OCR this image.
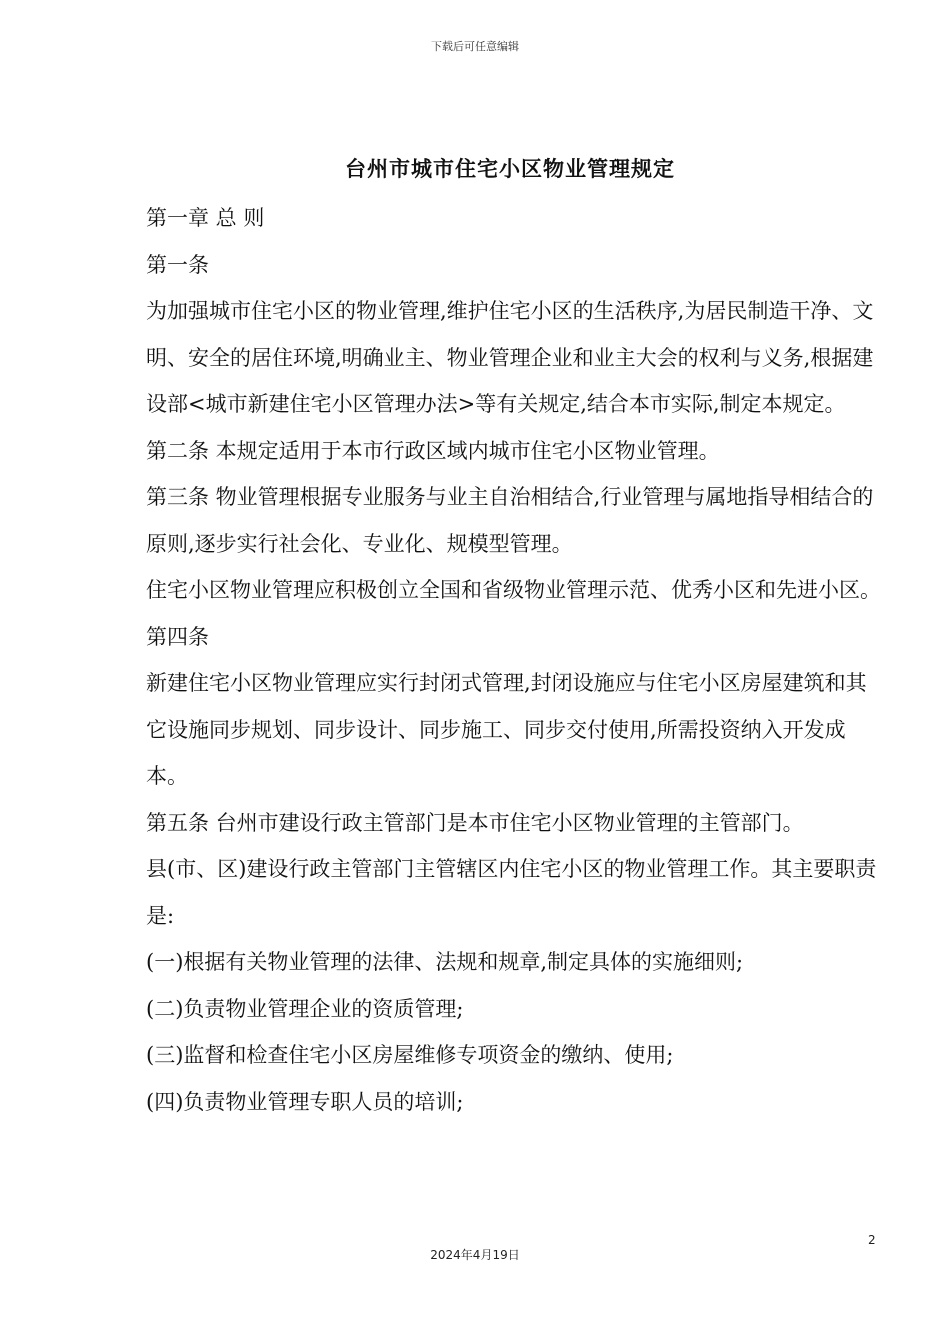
下载后可任意编辑
台州市城市住宅小区物业管理规定

第一章 总 则

第一条

为加强城市住宅小区的物业管理,维护住宅小区的生活秩序,为居民制造干净、文明、安全的居住环境,明确业主、物业管理企业和业主大会的权利与义务,根据建设部<城市新建住宅小区管理办法>等有关规定,结合本市实际,制定本规定。

第二条 本规定适用于本市行政区域内城市住宅小区物业管理。

第三条 物业管理根据专业服务与业主自治相结合,行业管理与属地指导相结合的原则,逐步实行社会化、专业化、规模型管理。

住宅小区物业管理应积极创立全国和省级物业管理示范、优秀小区和先进小区。

第四条

新建住宅小区物业管理应实行封闭式管理,封闭设施应与住宅小区房屋建筑和其它设施同步规划、同步设计、同步施工、同步交付使用,所需投资纳入开发成本。

第五条 台州市建设行政主管部门是本市住宅小区物业管理的主管部门。

县(市、区)建设行政主管部门主管辖区内住宅小区的物业管理工作。其主要职责是:

(一)根据有关物业管理的法律、法规和规章,制定具体的实施细则;

(二)负责物业管理企业的资质管理;

(三)监督和检查住宅小区房屋维修专项资金的缴纳、使用;

(四)负责物业管理专职人员的培训;

2
2024年4月19日
